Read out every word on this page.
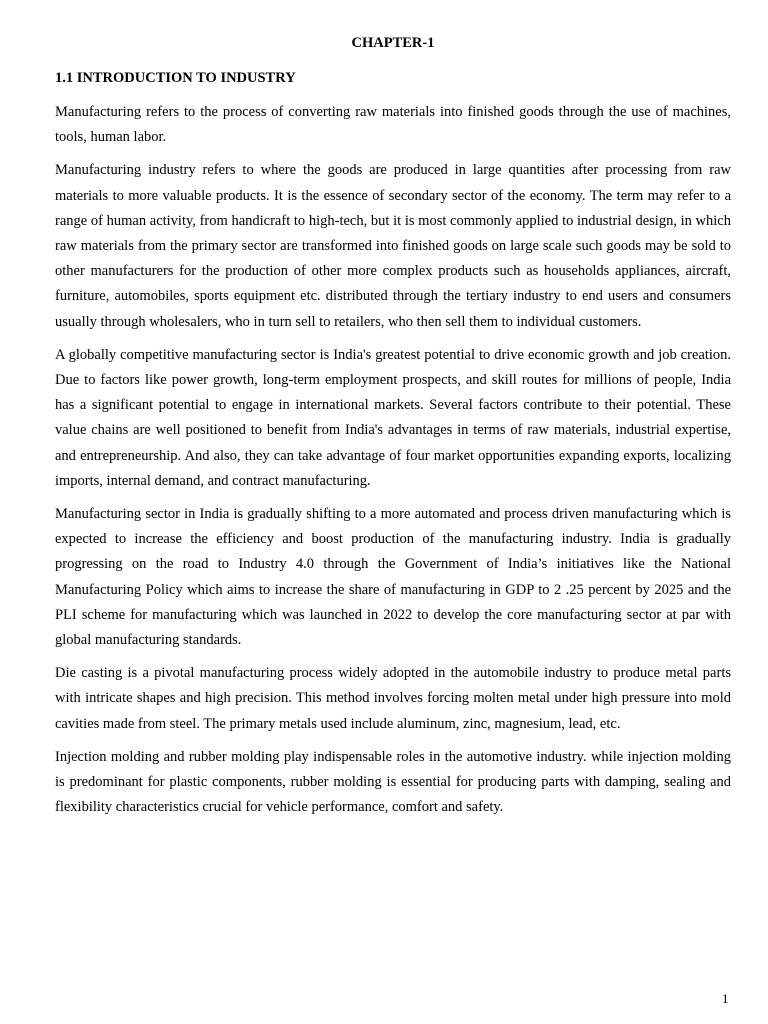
CHAPTER-1
1.1 INTRODUCTION TO INDUSTRY

Manufacturing refers to the process of converting raw materials into finished goods through the use of machines, tools, human labor.

Manufacturing industry refers to where the goods are produced in large quantities after processing from raw materials to more valuable products. It is the essence of secondary sector of the economy. The term may refer to a range of human activity, from handicraft to high-tech, but it is most commonly applied to industrial design, in which raw materials from the primary sector are transformed into finished goods on large scale such goods may be sold to other manufacturers for the production of other more complex products such as households appliances, aircraft, furniture, automobiles, sports equipment etc. distributed through the tertiary industry to end users and consumers usually through wholesalers, who in turn sell to retailers, who then sell them to individual customers.

A globally competitive manufacturing sector is India's greatest potential to drive economic growth and job creation. Due to factors like power growth, long-term employment prospects, and skill routes for millions of people, India has a significant potential to engage in international markets. Several factors contribute to their potential. These value chains are well positioned to benefit from India's advantages in terms of raw materials, industrial expertise, and entrepreneurship. And also, they can take advantage of four market opportunities expanding exports, localizing imports, internal demand, and contract manufacturing.

Manufacturing sector in India is gradually shifting to a more automated and process driven manufacturing which is expected to increase the efficiency and boost production of the manufacturing industry. India is gradually progressing on the road to Industry 4.0 through the Government of India’s initiatives like the National Manufacturing Policy which aims to increase the share of manufacturing in GDP to 2 .25 percent by 2025 and the PLI scheme for manufacturing which was launched in 2022 to develop the core manufacturing sector at par with global manufacturing standards.

Die casting is a pivotal manufacturing process widely adopted in the automobile industry to produce metal parts with intricate shapes and high precision. This method involves forcing molten metal under high pressure into mold cavities made from steel. The primary metals used include aluminum, zinc, magnesium, lead, etc.

Injection molding and rubber molding play indispensable roles in the automotive industry. while injection molding is predominant for plastic components, rubber molding is essential for producing parts with damping, sealing and flexibility characteristics crucial for vehicle performance, comfort and safety.

1
